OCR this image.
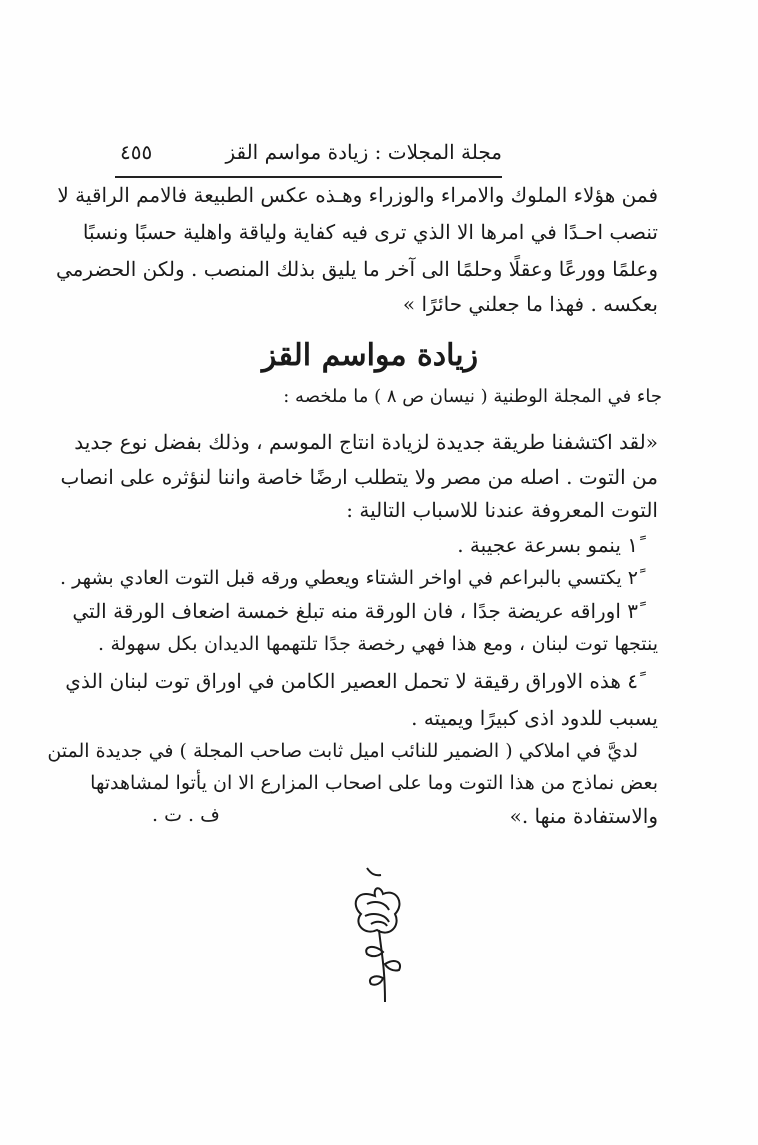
٤٥٥	مجلة المجلات : زيادة مواسم القز
فمن هؤلاء الملوك والامراء والوزراء وهـذه عكس الطبيعة فالامم الراقية لا
تنصب احـدًا في امرها الا الذي ترى فيه كفاية ولياقة واهلية حسبًا ونسبًا
وعلمًا وورعًا وعقلًا وحلمًا الى آخر ما يليق بذلك المنصب . ولكن الحضرمي
بعكسه . فهذا ما جعلني حائرًا »
زيادة مواسم القز
جاء في المجلة الوطنية ( نيسان ص ٨ ) ما ملخصه :
«لقد اكتشفنا طريقة جديدة لزيادة انتاج الموسم ، وذلك بفضل نوع جديد
من التوت . اصله من مصر ولا يتطلب ارضًا خاصة واننا لنؤثره على انصاب
التوت المعروفة عندنا للاسباب التالية :
١ً ينمو بسرعة عجيبة .
٢ً يكتسي بالبراعم في اواخر الشتاء ويعطي ورقه قبل التوت العادي بشهر .
٣ً اوراقه عريضة جدًا ، فان الورقة منه تبلغ خمسة اضعاف الورقة التي
ينتجها توت لبنان ، ومع هذا فهي رخصة جدًا تلتهمها الديدان بكل سهولة .
٤ً هذه الاوراق رقيقة لا تحمل العصير الكامن في اوراق توت لبنان الذي
يسبب للدود اذى كبيرًا ويميته .
لديَّ في املاكي ( الضمير للنائب اميل ثابت صاحب المجلة ) في جديدة المتن
بعض نماذج من هذا التوت وما على اصحاب المزارع الا ان يأتوا لمشاهدتها
والاستفادة منها .»
ف . ت .
